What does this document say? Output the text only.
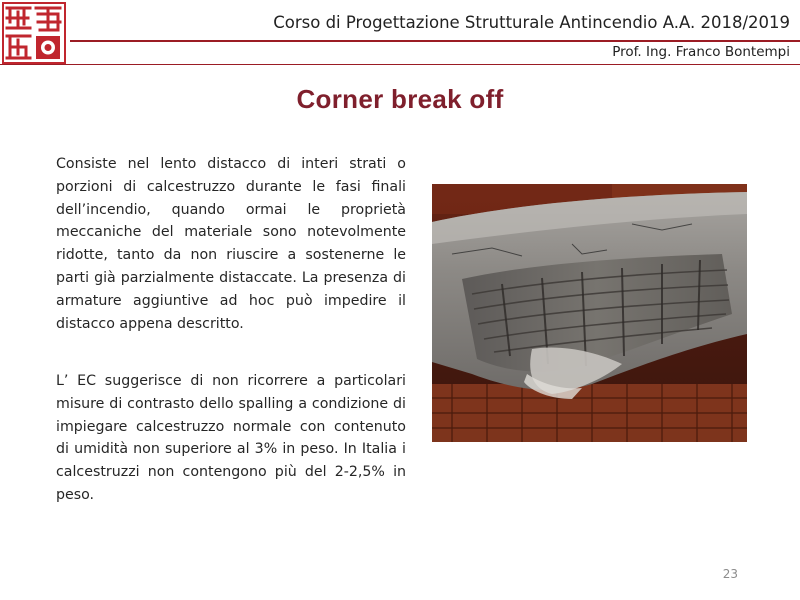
Corso di Progettazione Strutturale Antincendio A.A. 2018/2019
Prof. Ing. Franco Bontempi
Corner break off

Consiste nel lento distacco di interi strati o porzioni di calcestruzzo durante le fasi finali dell’incendio, quando ormai le proprietà meccaniche del materiale sono notevolmente ridotte, tanto da non riuscire a sostenerne le parti già parzialmente distaccate. La presenza di armature aggiuntive ad hoc può impedire il distacco appena descritto.

L’ EC suggerisce di non ricorrere a particolari misure di contrasto dello spalling a condizione di impiegare calcestruzzo normale con contenuto di umidità non superiore al 3% in peso. In Italia i calcestruzzi non contengono più del 2-2,5% in peso.

23
